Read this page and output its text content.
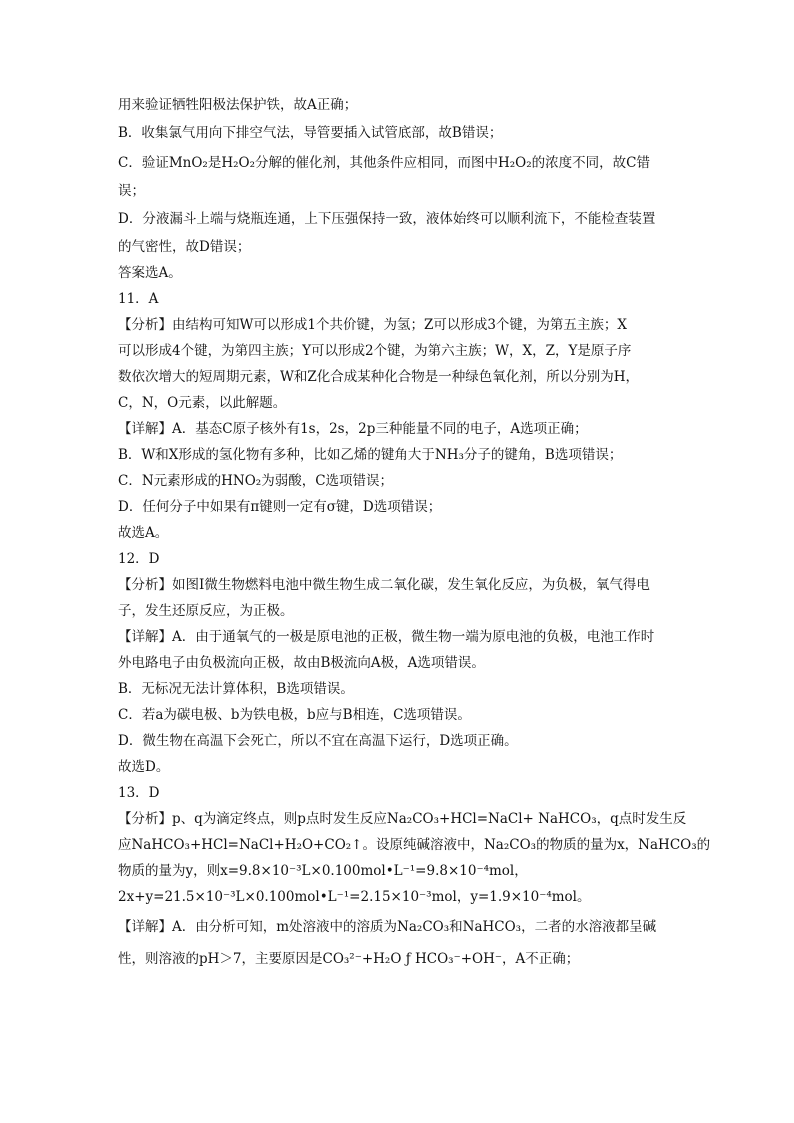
用来验证牺牲阳极法保护铁，故A正确；
B．收集氯气用向下排空气法，导管要插入试管底部，故B错误；
C．验证MnO₂是H₂O₂分解的催化剂，其他条件应相同，而图中H₂O₂的浓度不同，故C错
误；
D．分液漏斗上端与烧瓶连通，上下压强保持一致，液体始终可以顺利流下，不能检查装置
的气密性，故D错误；
答案选A。
11．A
【分析】由结构可知W可以形成1个共价键，为氢；Z可以形成3个键，为第五主族；X
可以形成4个键，为第四主族；Y可以形成2个键，为第六主族；W，X，Z，Y是原子序
数依次增大的短周期元素，W和Z化合成某种化合物是一种绿色氧化剂，所以分别为H，
C，N，O元素，以此解题。
【详解】A．基态C原子核外有1s，2s，2p三种能量不同的电子，A选项正确；
B．W和X形成的氢化物有多种，比如乙烯的键角大于NH₃分子的键角，B选项错误；
C．N元素形成的HNO₂为弱酸，C选项错误；
D．任何分子中如果有π键则一定有σ键，D选项错误；
故选A。
12．D
【分析】如图Ⅰ微生物燃料电池中微生物生成二氧化碳，发生氧化反应，为负极，氧气得电
子，发生还原反应，为正极。
【详解】A．由于通氧气的一极是原电池的正极，微生物一端为原电池的负极，电池工作时
外电路电子由负极流向正极，故由B极流向A极，A选项错误。
B．无标况无法计算体积，B选项错误。
C．若a为碳电极、b为铁电极，b应与B相连，C选项错误。
D．微生物在高温下会死亡，所以不宜在高温下运行，D选项正确。
故选D。
13．D
【分析】p、q为滴定终点，则p点时发生反应Na₂CO₃+HCl=NaCl+ NaHCO₃，q点时发生反
应NaHCO₃+HCl=NaCl+H₂O+CO₂↑。设原纯碱溶液中，Na₂CO₃的物质的量为x，NaHCO₃的
物质的量为y，则x=9.8×10⁻³L×0.100mol•L⁻¹=9.8×10⁻⁴mol，
2x+y=21.5×10⁻³L×0.100mol•L⁻¹=2.15×10⁻³mol，y=1.9×10⁻⁴mol。
【详解】A．由分析可知，m处溶液中的溶质为Na₂CO₃和NaHCO₃，二者的水溶液都呈碱
性，则溶液的pH＞7，主要原因是CO₃²⁻+H₂O ƒ HCO₃⁻+OH⁻，A不正确；
